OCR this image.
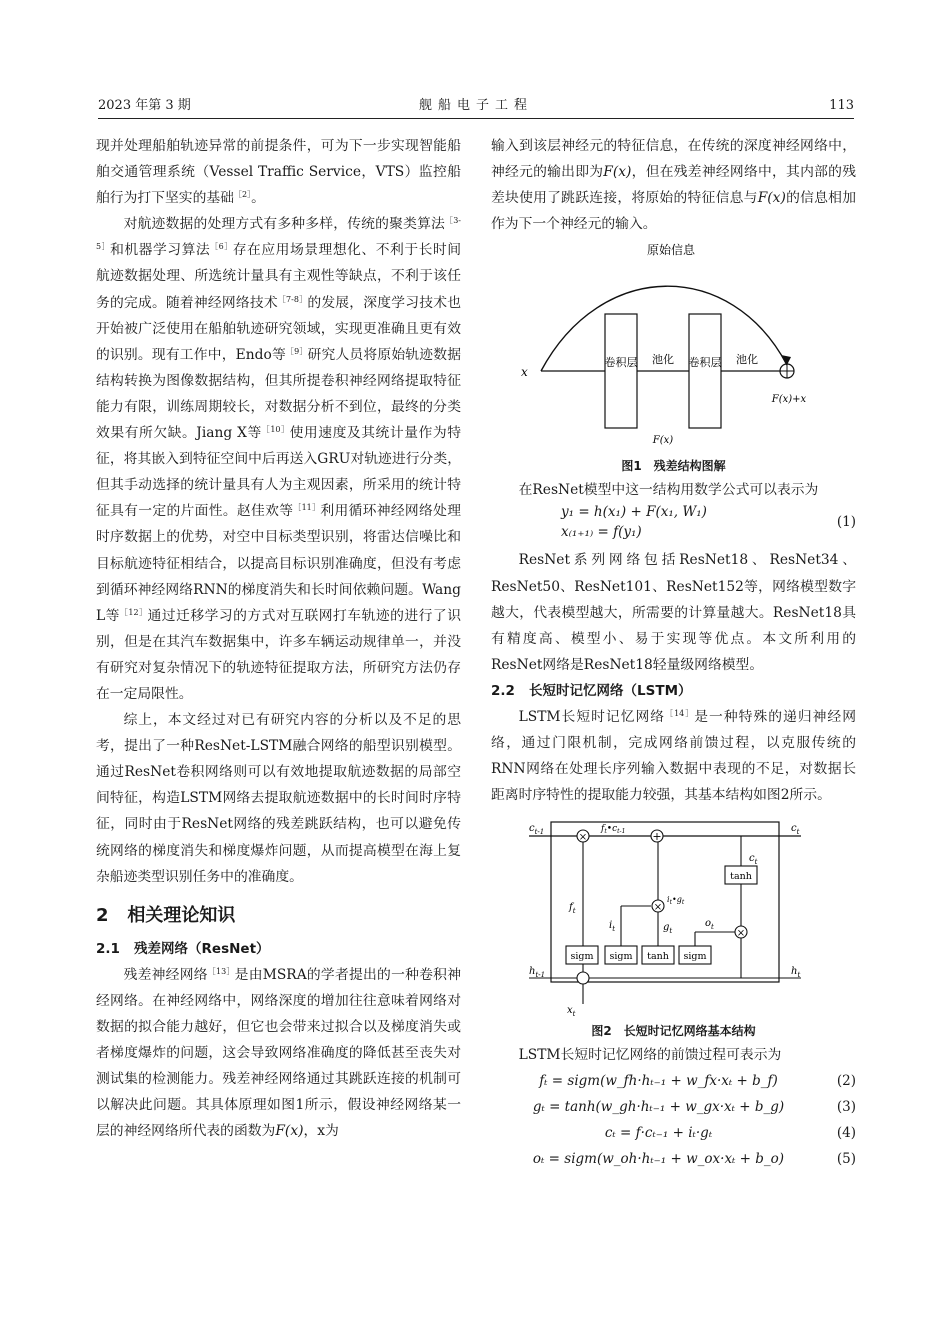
2023 年第 3 期	舰船电子工程	113

现并处理船舶轨迹异常的前提条件，可为下一步实现智能船舶交通管理系统（Vessel Traffic Service，VTS）监控船舶行为打下坚实的基础$^{[2]}$。

对航迹数据的处理方式有多种多样，传统的聚类算法$^{[3-5]}$和机器学习算法$^{[6]}$存在应用场景理想化、不利于长时间航迹数据处理、所选统计量具有主观性等缺点，不利于该任务的完成。随着神经网络技术$^{[7-8]}$的发展，深度学习技术也开始被广泛使用在船舶轨迹研究领域，实现更准确且更有效的识别。现有工作中，Endo等$^{[9]}$研究人员将原始轨迹数据结构转换为图像数据结构，但其所提卷积神经网络提取特征能力有限，训练周期较长，对数据分析不到位，最终的分类效果有所欠缺。Jiang X等$^{[10]}$使用速度及其统计量作为特征，将其嵌入到特征空间中后再送入GRU对轨迹进行分类，但其手动选择的统计量具有人为主观因素，所采用的统计特征具有一定的片面性。赵佳欢等$^{[11]}$利用循环神经网络处理时序数据上的优势，对空中目标类型识别，将雷达信噪比和目标航迹特征相结合，以提高目标识别准确度，但没有考虑到循环神经网络RNN的梯度消失和长时间依赖问题。Wang L等$^{[12]}$通过迁移学习的方式对互联网打车轨迹的进行了识别，但是在其汽车数据集中，许多车辆运动规律单一，并没有研究对复杂情况下的轨迹特征提取方法，所研究方法仍存在一定局限性。

综上，本文经过对已有研究内容的分析以及不足的思考，提出了一种ResNet-LSTM融合网络的船型识别模型。通过ResNet卷积网络则可以有效地提取航迹数据的局部空间特征，构造LSTM网络去提取航迹数据中的长时间时序特征，同时由于ResNet网络的残差跳跃结构，也可以避免传统网络的梯度消失和梯度爆炸问题，从而提高模型在海上复杂船迹类型识别任务中的准确度。

2 相关理论知识
2.1 残差网络（ResNet）

残差神经网络$^{[13]}$是由MSRA的学者提出的一种卷积神经网络。在神经网络中，网络深度的增加往往意味着网络对数据的拟合能力越好，但它也会带来过拟合以及梯度消失或者梯度爆炸的问题，这会导致网络准确度的降低甚至丧失对测试集的检测能力。残差神经网络通过其跳跃连接的机制可以解决此问题。其具体原理如图1所示，假设神经网络某一层的神经网络所代表的函数为F(x)，x为

输入到该层神经元的特征信息，在传统的深度神经网络中，神经元的输出即为F(x)，但在残差神经网络中，其内部的残差块使用了跳跃连接，将原始的特征信息与F(x)的信息相加作为下一个神经元的输入。

原始信息
x
卷积层 池化 卷积层 池化
F(x)+x
F(x)
图1　残差结构图解

在ResNet模型中这一结构用数学公式可以表示为

y₁ = h(x₁) + F(x₁, W₁)
x₍₁₊₁₎ = f(y₁)
(1)

ResNet系列网络包括ResNet18、ResNet34、ResNet50、ResNet101、ResNet152等，网络模型数字越大，代表模型越大，所需要的计算量越大。ResNet18具有精度高、模型小、易于实现等优点。本文所利用的ResNet网络是ResNet18轻量级网络模型。

2.2 长短时记忆网络（LSTM）

LSTM长短时记忆网络$^{[14]}$是一种特殊的递归神经网络，通过门限机制，完成网络前馈过程，以克服传统的RNN网络在处理长序列输入数据中表现的不足，对数据长距离时序特性的提取能力较强，其基本结构如图2所示。

$c_{t-1}$	$f_t•c_{t-1}$	$c_t$
×	+
sigm sigm tanh sigm
×
tanh
×
$c_t$
$f_t$
$i_t$	$g_t$
$i_t•g_t$
$o_t$
$h_{t-1}$	$h_t$
$x_t$
图2　长短时记忆网络基本结构

LSTM长短时记忆网络的前馈过程可表示为

fₜ = sigm(w_fh·hₜ₋₁ + w_fx·xₜ + b_f)	(2)
gₜ = tanh(w_gh·hₜ₋₁ + w_gx·xₜ + b_g)	(3)
cₜ = f·cₜ₋₁ + iₜ·gₜ	(4)
oₜ = sigm(w_oh·hₜ₋₁ + w_ox·xₜ + b_o)	(5)
